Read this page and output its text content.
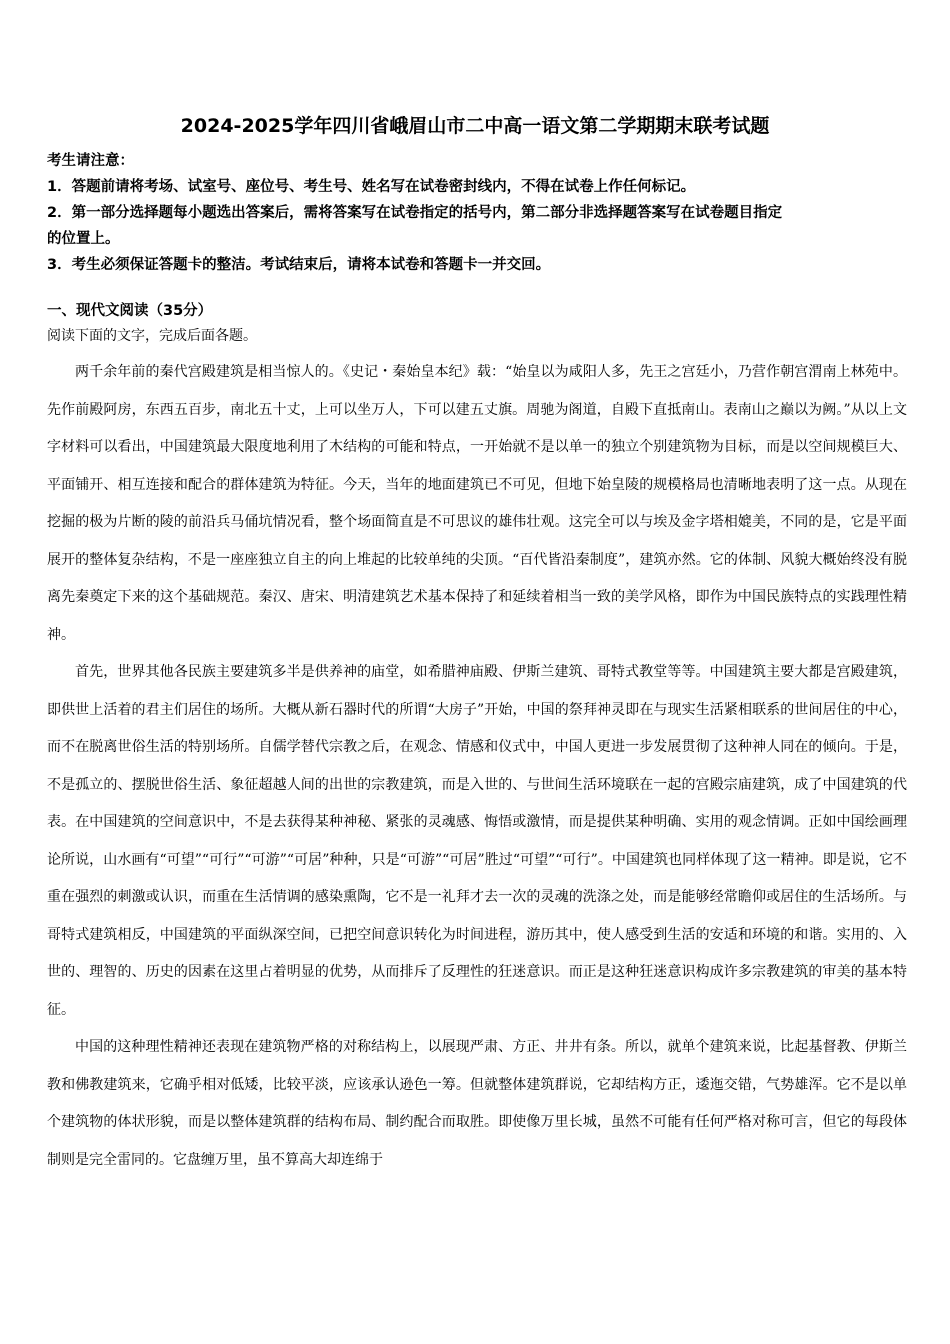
2024-2025学年四川省峨眉山市二中高一语文第二学期期末联考试题
考生请注意：
1．答题前请将考场、试室号、座位号、考生号、姓名写在试卷密封线内，不得在试卷上作任何标记。
2．第一部分选择题每小题选出答案后，需将答案写在试卷指定的括号内，第二部分非选择题答案写在试卷题目指定
的位置上。
3．考生必须保证答题卡的整洁。考试结束后，请将本试卷和答题卡一并交回。
一、现代文阅读（35分）
阅读下面的文字，完成后面各题。

两千余年前的秦代宫殿建筑是相当惊人的。《史记・秦始皇本纪》载：“始皇以为咸阳人多，先王之宫廷小，乃营作朝宫渭南上林苑中。先作前殿阿房，东西五百步，南北五十丈，上可以坐万人，下可以建五丈旗。周驰为阁道，自殿下直抵南山。表南山之巅以为阙。”从以上文字材料可以看出，中国建筑最大限度地利用了木结构的可能和特点，一开始就不是以单一的独立个别建筑物为目标，而是以空间规模巨大、平面铺开、相互连接和配合的群体建筑为特征。今天，当年的地面建筑已不可见，但地下始皇陵的规模格局也清晰地表明了这一点。从现在挖掘的极为片断的陵的前沿兵马俑坑情况看，整个场面简直是不可思议的雄伟壮观。这完全可以与埃及金字塔相媲美，不同的是，它是平面展开的整体复杂结构，不是一座座独立自主的向上堆起的比较单纯的尖顶。“百代皆沿秦制度”，建筑亦然。它的体制、风貌大概始终没有脱离先秦奠定下来的这个基础规范。秦汉、唐宋、明清建筑艺术基本保持了和延续着相当一致的美学风格，即作为中国民族特点的实践理性精神。

首先，世界其他各民族主要建筑多半是供养神的庙堂，如希腊神庙殿、伊斯兰建筑、哥特式教堂等等。中国建筑主要大都是宫殿建筑，即供世上活着的君主们居住的场所。大概从新石器时代的所谓“大房子”开始，中国的祭拜神灵即在与现实生活紧相联系的世间居住的中心，而不在脱离世俗生活的特别场所。自儒学替代宗教之后，在观念、情感和仪式中，中国人更进一步发展贯彻了这种神人同在的倾向。于是，不是孤立的、摆脱世俗生活、象征超越人间的出世的宗教建筑，而是入世的、与世间生活环境联在一起的宫殿宗庙建筑，成了中国建筑的代表。在中国建筑的空间意识中，不是去获得某种神秘、紧张的灵魂感、悔悟或激情，而是提供某种明确、实用的观念情调。正如中国绘画理论所说，山水画有“可望”“可行”“可游”“可居”种种，只是“可游”“可居”胜过“可望”“可行”。中国建筑也同样体现了这一精神。即是说，它不重在强烈的刺激或认识，而重在生活情调的感染熏陶，它不是一礼拜才去一次的灵魂的洗涤之处，而是能够经常瞻仰或居住的生活场所。与哥特式建筑相反，中国建筑的平面纵深空间，已把空间意识转化为时间进程，游历其中，使人感受到生活的安适和环境的和谐。实用的、入世的、理智的、历史的因素在这里占着明显的优势，从而排斥了反理性的狂迷意识。而正是这种狂迷意识构成许多宗教建筑的审美的基本特征。

中国的这种理性精神还表现在建筑物严格的对称结构上，以展现严肃、方正、井井有条。所以，就单个建筑来说，比起基督教、伊斯兰教和佛教建筑来，它确乎相对低矮，比较平淡，应该承认逊色一筹。但就整体建筑群说，它却结构方正，逶迤交错，气势雄浑。它不是以单个建筑物的体状形貌，而是以整体建筑群的结构布局、制约配合而取胜。即使像万里长城，虽然不可能有任何严格对称可言，但它的每段体制则是完全雷同的。它盘缠万里，虽不算高大却连绵于
